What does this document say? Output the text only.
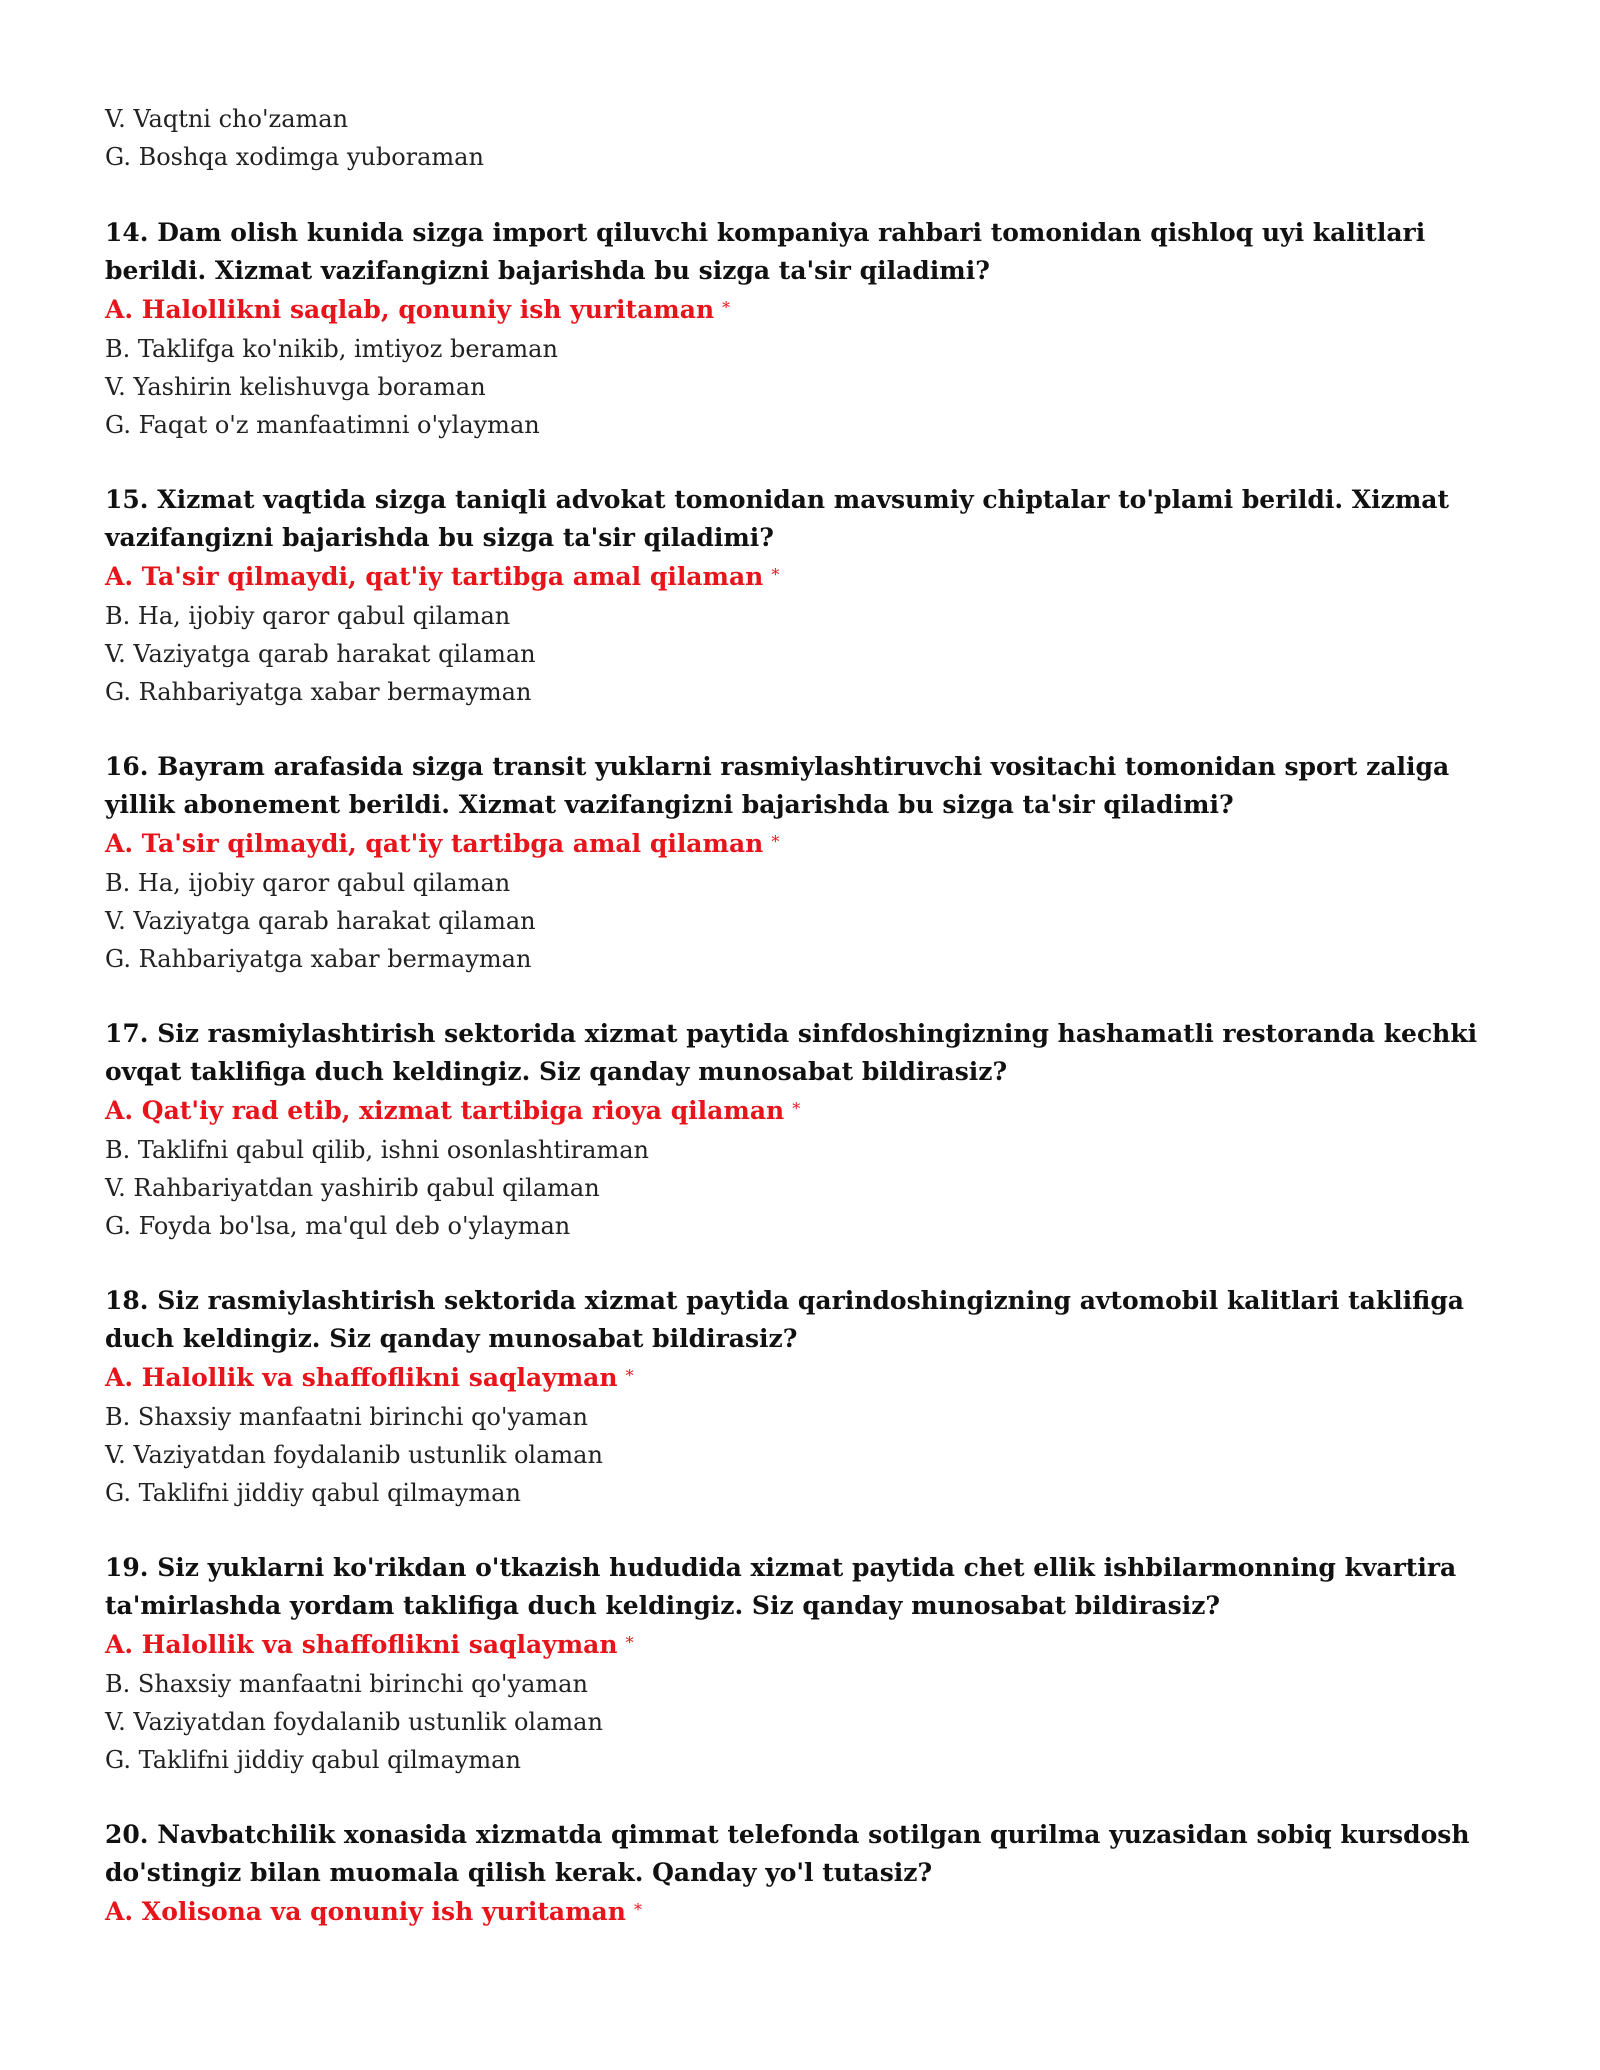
V. Vaqtni cho'zaman
G. Boshqa xodimga yuboraman
14. Dam olish kunida sizga import qiluvchi kompaniya rahbari tomonidan qishloq uyi kalitlari berildi. Xizmat vazifangizni bajarishda bu sizga ta'sir qiladimi?
A. Halollikni saqlab, qonuniy ish yuritaman *
B. Taklifga ko'nikib, imtiyoz beraman
V. Yashirin kelishuvga boraman
G. Faqat o'z manfaatimni o'ylayman
15. Xizmat vaqtida sizga taniqli advokat tomonidan mavsumiy chiptalar to'plami berildi. Xizmat vazifangizni bajarishda bu sizga ta'sir qiladimi?
A. Ta'sir qilmaydi, qat'iy tartibga amal qilaman *
B. Ha, ijobiy qaror qabul qilaman
V. Vaziyatga qarab harakat qilaman
G. Rahbariyatga xabar bermayman
16. Bayram arafasida sizga transit yuklarni rasmiylashtiruvchi vositachi tomonidan sport zaliga yillik abonement berildi. Xizmat vazifangizni bajarishda bu sizga ta'sir qiladimi?
A. Ta'sir qilmaydi, qat'iy tartibga amal qilaman *
B. Ha, ijobiy qaror qabul qilaman
V. Vaziyatga qarab harakat qilaman
G. Rahbariyatga xabar bermayman
17. Siz rasmiylashtirish sektorida xizmat paytida sinfdoshingizning hashamatli restoranda kechki ovqat taklifiga duch keldingiz. Siz qanday munosabat bildirasiz?
A. Qat'iy rad etib, xizmat tartibiga rioya qilaman *
B. Taklifni qabul qilib, ishni osonlashtiraman
V. Rahbariyatdan yashirib qabul qilaman
G. Foyda bo'lsa, ma'qul deb o'ylayman
18. Siz rasmiylashtirish sektorida xizmat paytida qarindoshingizning avtomobil kalitlari taklifiga duch keldingiz. Siz qanday munosabat bildirasiz?
A. Halollik va shaffoflikni saqlayman *
B. Shaxsiy manfaatni birinchi qo'yaman
V. Vaziyatdan foydalanib ustunlik olaman
G. Taklifni jiddiy qabul qilmayman
19. Siz yuklarni ko'rikdan o'tkazish hududida xizmat paytida chet ellik ishbilarmonning kvartira ta'mirlashda yordam taklifiga duch keldingiz. Siz qanday munosabat bildirasiz?
A. Halollik va shaffoflikni saqlayman *
B. Shaxsiy manfaatni birinchi qo'yaman
V. Vaziyatdan foydalanib ustunlik olaman
G. Taklifni jiddiy qabul qilmayman
20. Navbatchilik xonasida xizmatda qimmat telefonda sotilgan qurilma yuzasidan sobiq kursdosh do'stingiz bilan muomala qilish kerak. Qanday yo'l tutasiz?
A. Xolisona va qonuniy ish yuritaman *
